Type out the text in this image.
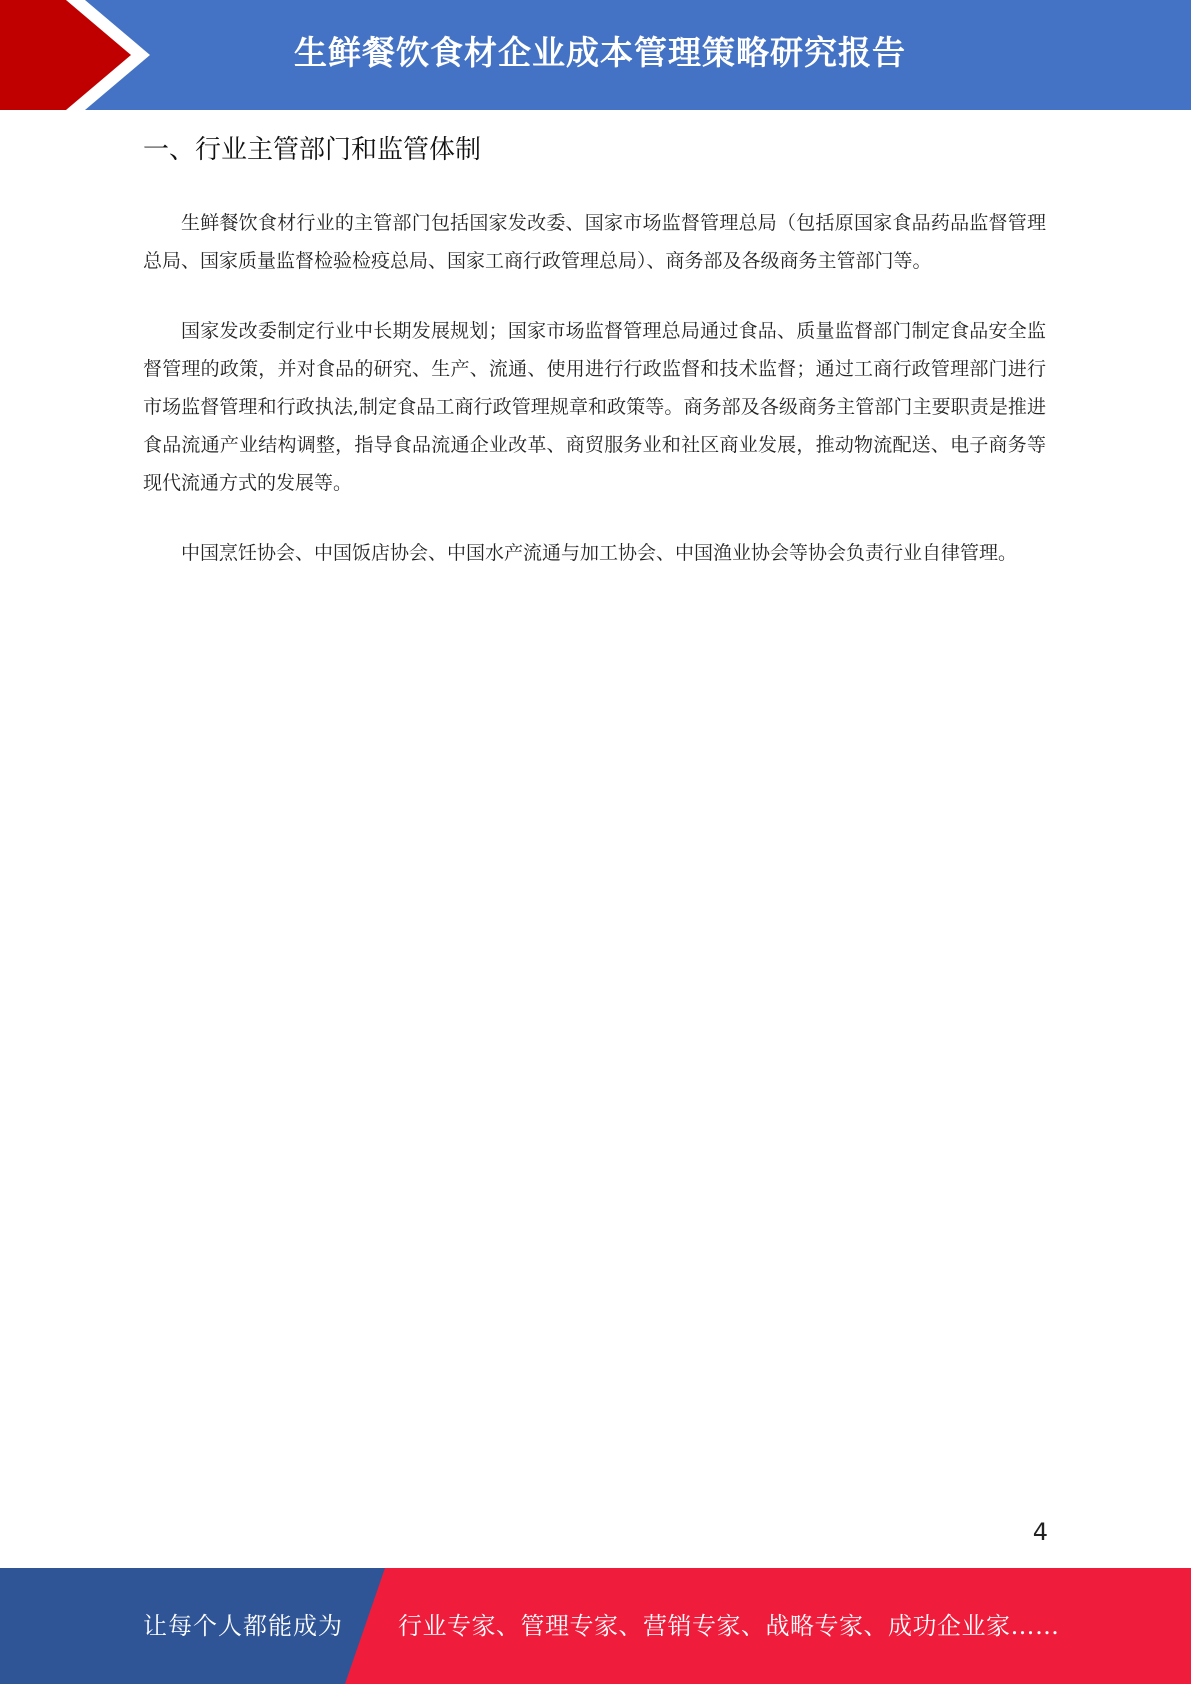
生鲜餐饮食材企业成本管理策略研究报告
一、行业主管部门和监管体制

生鲜餐饮食材行业的主管部门包括国家发改委、国家市场监督管理总局（包括原国家食品药品监督管理总局、国家质量监督检验检疫总局、国家工商行政管理总局）、商务部及各级商务主管部门等。

国家发改委制定行业中长期发展规划；国家市场监督管理总局通过食品、质量监督部门制定食品安全监督管理的政策，并对食品的研究、生产、流通、使用进行行政监督和技术监督；通过工商行政管理部门进行市场监督管理和行政执法,制定食品工商行政管理规章和政策等。商务部及各级商务主管部门主要职责是推进食品流通产业结构调整，指导食品流通企业改革、商贸服务业和社区商业发展，推动物流配送、电子商务等现代流通方式的发展等。

中国烹饪协会、中国饭店协会、中国水产流通与加工协会、中国渔业协会等协会负责行业自律管理。

4
让每个人都能成为 行业专家、管理专家、营销专家、战略专家、成功企业家……
